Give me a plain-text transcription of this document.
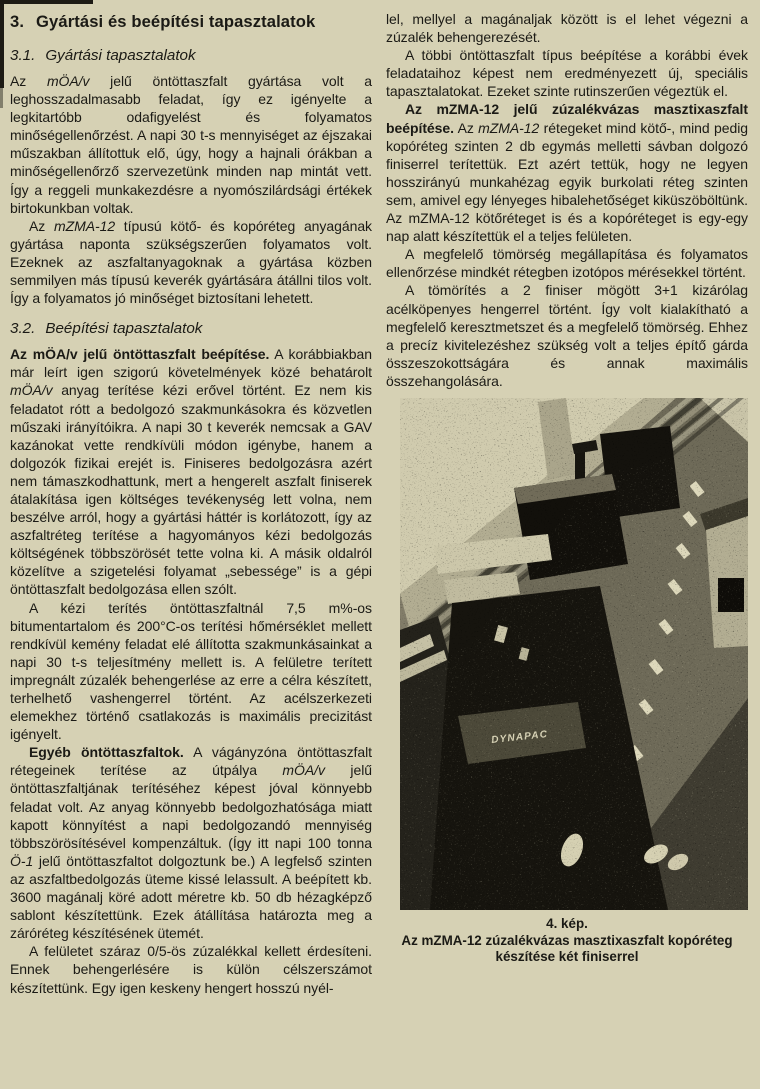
3. Gyártási és beépítési tapasztalatok
3.1. Gyártási tapasztalatok

Az mÖA/v jelű öntöttaszfalt gyártása volt a leghosszadalmasabb feladat, így ez igényelte a legkitartóbb odafigyelést és folyamatos minőségellenőrzést. A napi 30 t-s mennyiséget az éjszakai műszakban állítottuk elő, úgy, hogy a hajnali órákban a minőségellenőrző szervezetünk minden nap mintát vett. Így a reggeli munkakezdésre a nyomószilárdsági értékek birtokunkban voltak.

Az mZMA-12 típusú kötő- és kopóréteg anyagának gyártása naponta szükségszerűen folyamatos volt. Ezeknek az aszfaltanyagoknak a gyártása közben semmilyen más típusú keverék gyártására átállni tilos volt. Így a folyamatos jó minőséget biztosítani lehetett.

3.2. Beépítési tapasztalatok

Az mÖA/v jelű öntöttaszfalt beépítése. A korábbiakban már leírt igen szigorú követelmények közé behatárolt mÖA/v anyag terítése kézi erővel történt. Ez nem kis feladatot rótt a bedolgozó szakmunkásokra és közvetlen műszaki irányítóikra. A napi 30 t keverék nemcsak a GAV kazánokat vette rendkívüli módon igénybe, hanem a dolgozók fizikai erejét is. Finiseres bedolgozásra azért nem támaszkodhattunk, mert a hengerelt aszfalt finiserek átalakítása igen költséges tevékenység lett volna, nem beszélve arról, hogy a gyártási háttér is korlátozott, így az aszfaltréteg terítése a hagyományos kézi bedolgozás költségének többszörösét tette volna ki. A másik oldalról közelítve a szigetelési folyamat „sebessége” is a gépi öntöttaszfalt bedolgozása ellen szólt.

A kézi terítés öntöttaszfaltnál 7,5 m%-os bitumentartalom és 200°C-os terítési hőmérséklet mellett rendkívül kemény feladat elé állította szakmunkásainkat a napi 30 t-s teljesítmény mellett is. A felületre terített impregnált zúzalék behengerlése az erre a célra készített, terhelhető vashengerrel történt. Az acélszerkezeti elemekhez történő csatlakozás is maximális precizitást igényelt.

Egyéb öntöttaszfaltok. A vágányzóna öntöttaszfalt rétegeinek terítése az útpálya mÖA/v jelű öntöttaszfaltjának terítéséhez képest jóval könnyebb feladat volt. Az anyag könnyebb bedolgozhatósága miatt kapott könnyítést a napi bedolgozandó mennyiség többszörösítésével kompenzáltuk. (Így itt napi 100 tonna Ö-1 jelű öntöttaszfaltot dolgoztunk be.) A legfelső szinten az aszfaltbedolgozás üteme kissé lelassult. A beépített kb. 3600 magánalj köré adott méretre kb. 50 db hézagképző sablont készítettünk. Ezek átállítása határozta meg a záróréteg készítésének ütemét.

A felületet száraz 0/5-ös zúzalékkal kellett érdesíteni. Ennek behengerlésére is külön célszerszámot készítettünk. Egy igen keskeny hengert hosszú nyél-

lel, mellyel a magánaljak között is el lehet végezni a zúzalék behengerezését.

A többi öntöttaszfalt típus beépítése a korábbi évek feladataihoz képest nem eredményezett új, speciális tapasztalatokat. Ezeket szinte rutinszerűen végeztük el.

Az mZMA-12 jelű zúzalékvázas masztixaszfalt beépítése. Az mZMA-12 rétegeket mind kötő-, mind pedig kopóréteg szinten 2 db egymás melletti sávban dolgozó finiserrel terítettük. Ezt azért tettük, hogy ne legyen hosszirányú munkahézag egyik burkolati réteg szinten sem, amivel egy lényeges hibalehetőséget kiküszöböltünk. Az mZMA-12 kötőréteget is és a kopóréteget is egy-egy nap alatt készítettük el a teljes felületen.

A megfelelő tömörség megállapítása és folyamatos ellenőrzése mindkét rétegben izotópos mérésekkel történt.

A tömörítés a 2 finiser mögött 3+1 kizárólag acélköpenyes hengerrel történt. Így volt kialakítható a megfelelő keresztmetszet és a megfelelő tömörség. Ehhez a precíz kivitelezéshez szükség volt a teljes építő gárda összeszokottságára és annak maximális összehangolására.

4. kép.
Az mZMA-12 zúzalékvázas masztixaszfalt kopóréteg készítése két finiserrel
